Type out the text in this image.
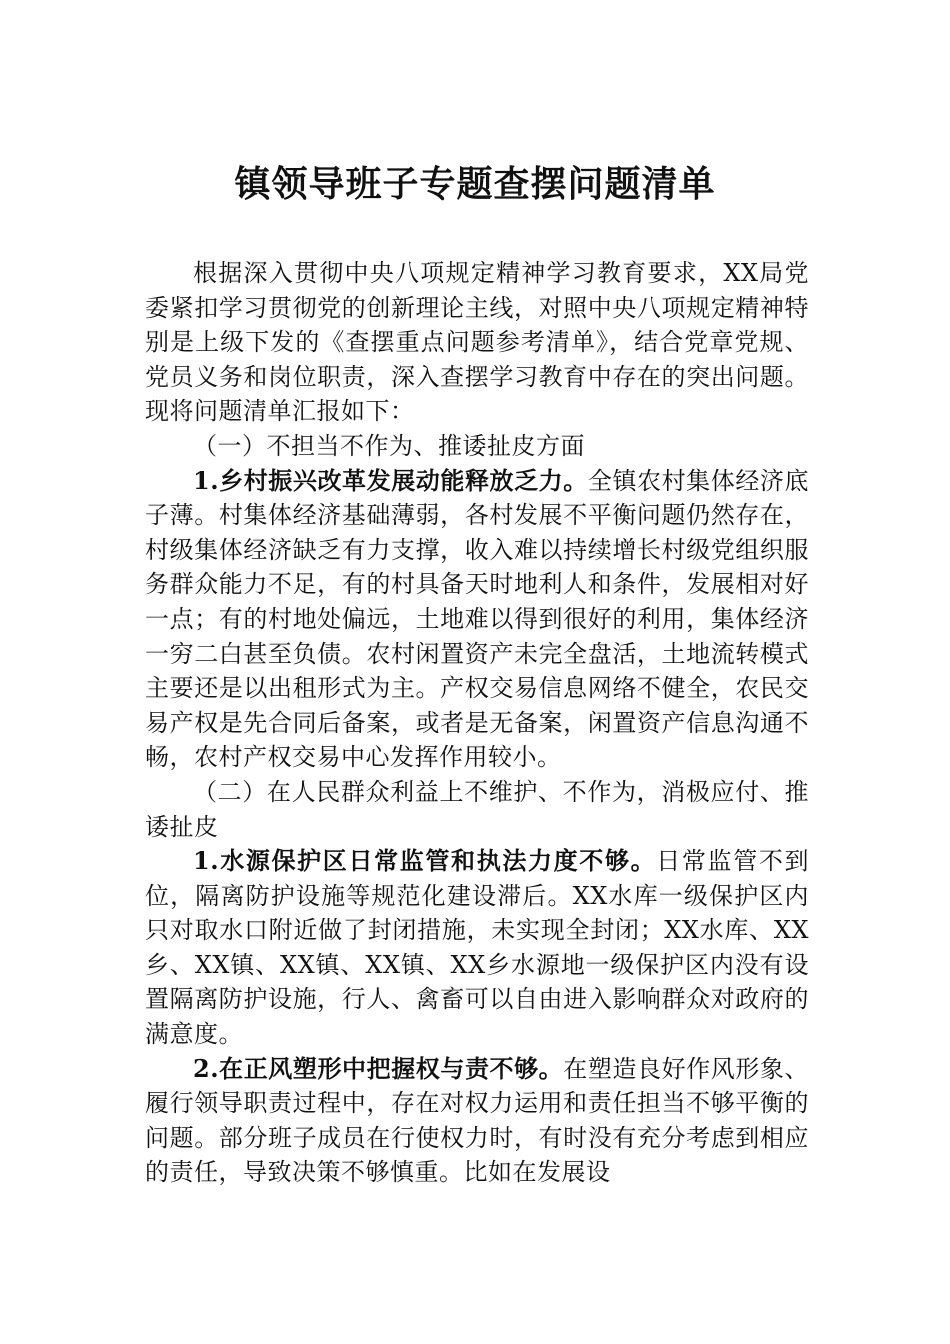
镇领导班子专题查摆问题清单

根据深入贯彻中央八项规定精神学习教育要求，XX局党委紧扣学习贯彻党的创新理论主线，对照中央八项规定精神特别是上级下发的《查摆重点问题参考清单》，结合党章党规、党员义务和岗位职责，深入查摆学习教育中存在的突出问题。现将问题清单汇报如下：

（一）不担当不作为、推诿扯皮方面

1.乡村振兴改革发展动能释放乏力。全镇农村集体经济底子薄。村集体经济基础薄弱，各村发展不平衡问题仍然存在，村级集体经济缺乏有力支撑，收入难以持续增长村级党组织服务群众能力不足，有的村具备天时地利人和条件，发展相对好一点；有的村地处偏远，土地难以得到很好的利用，集体经济一穷二白甚至负债。农村闲置资产未完全盘活，土地流转模式主要还是以出租形式为主。产权交易信息网络不健全，农民交易产权是先合同后备案，或者是无备案，闲置资产信息沟通不畅，农村产权交易中心发挥作用较小。

（二）在人民群众利益上不维护、不作为，消极应付、推诿扯皮

1.水源保护区日常监管和执法力度不够。日常监管不到位，隔离防护设施等规范化建设滞后。XX水库一级保护区内只对取水口附近做了封闭措施，未实现全封闭；XX水库、XX乡、XX镇、XX镇、XX镇、XX乡水源地一级保护区内没有设置隔离防护设施，行人、禽畜可以自由进入影响群众对政府的满意度。

2.在正风塑形中把握权与责不够。在塑造良好作风形象、履行领导职责过程中，存在对权力运用和责任担当不够平衡的问题。部分班子成员在行使权力时，有时没有充分考虑到相应的责任，导致决策不够慎重。比如在发展设
